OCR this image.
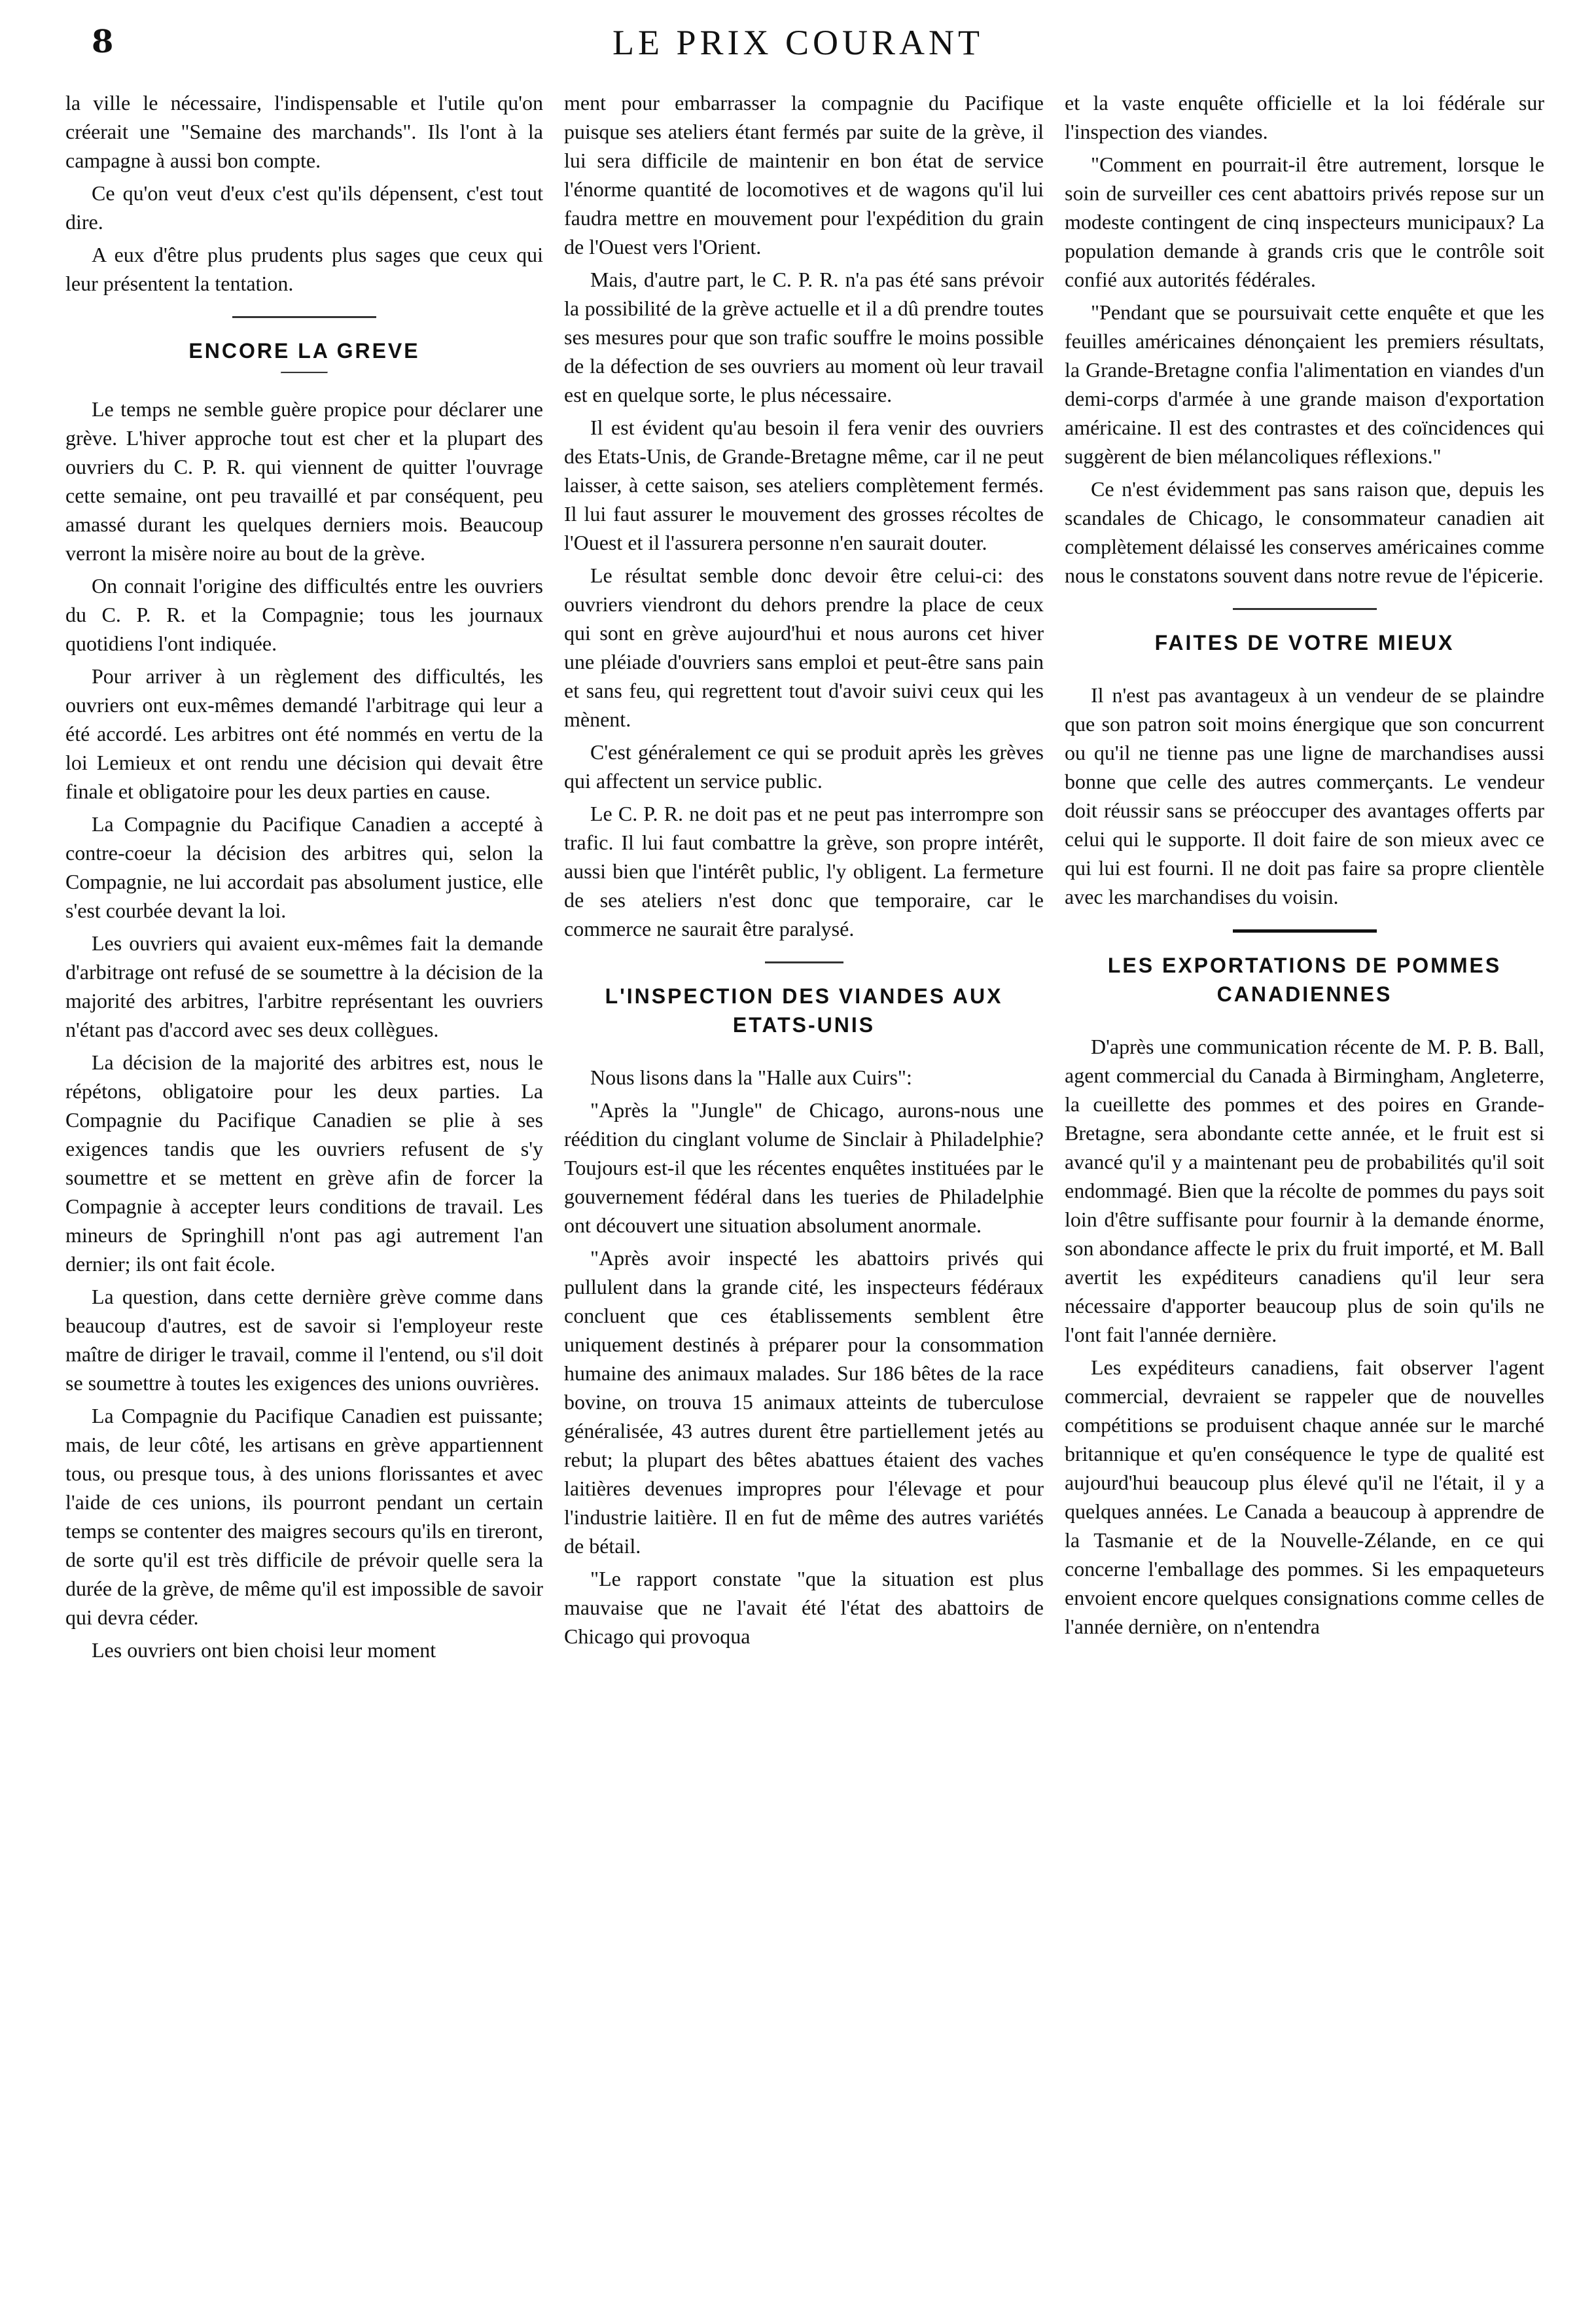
8	LE PRIX COURANT

la ville le nécessaire, l'indispensable et l'utile qu'on créerait une "Semaine des marchands". Ils l'ont à la campagne à aussi bon compte.

Ce qu'on veut d'eux c'est qu'ils dépensent, c'est tout dire.

A eux d'être plus prudents plus sages que ceux qui leur présentent la tentation.

ENCORE LA GREVE

Le temps ne semble guère propice pour déclarer une grève. L'hiver approche tout est cher et la plupart des ouvriers du C. P. R. qui viennent de quitter l'ouvrage cette semaine, ont peu travaillé et par conséquent, peu amassé durant les quelques derniers mois. Beaucoup verront la misère noire au bout de la grève.

On connait l'origine des difficultés entre les ouvriers du C. P. R. et la Compagnie; tous les journaux quotidiens l'ont indiquée.

Pour arriver à un règlement des difficultés, les ouvriers ont eux-mêmes demandé l'arbitrage qui leur a été accordé. Les arbitres ont été nommés en vertu de la loi Lemieux et ont rendu une décision qui devait être finale et obligatoire pour les deux parties en cause.

La Compagnie du Pacifique Canadien a accepté à contre-coeur la décision des arbitres qui, selon la Compagnie, ne lui accordait pas absolument justice, elle s'est courbée devant la loi.

Les ouvriers qui avaient eux-mêmes fait la demande d'arbitrage ont refusé de se soumettre à la décision de la majorité des arbitres, l'arbitre représentant les ouvriers n'étant pas d'accord avec ses deux collègues.

La décision de la majorité des arbitres est, nous le répétons, obligatoire pour les deux parties. La Compagnie du Pacifique Canadien se plie à ses exigences tandis que les ouvriers refusent de s'y soumettre et se mettent en grève afin de forcer la Compagnie à accepter leurs conditions de travail. Les mineurs de Springhill n'ont pas agi autrement l'an dernier; ils ont fait école.

La question, dans cette dernière grève comme dans beaucoup d'autres, est de savoir si l'employeur reste maître de diriger le travail, comme il l'entend, ou s'il doit se soumettre à toutes les exigences des unions ouvrières.

La Compagnie du Pacifique Canadien est puissante; mais, de leur côté, les artisans en grève appartiennent tous, ou presque tous, à des unions florissantes et avec l'aide de ces unions, ils pourront pendant un certain temps se contenter des maigres secours qu'ils en tireront, de sorte qu'il est très difficile de prévoir quelle sera la durée de la grève, de même qu'il est impossible de savoir qui devra céder.

Les ouvriers ont bien choisi leur moment

ment pour embarrasser la compagnie du Pacifique puisque ses ateliers étant fermés par suite de la grève, il lui sera difficile de maintenir en bon état de service l'énorme quantité de locomotives et de wagons qu'il lui faudra mettre en mouvement pour l'expédition du grain de l'Ouest vers l'Orient.

Mais, d'autre part, le C. P. R. n'a pas été sans prévoir la possibilité de la grève actuelle et il a dû prendre toutes ses mesures pour que son trafic souffre le moins possible de la défection de ses ouvriers au moment où leur travail est en quelque sorte, le plus nécessaire.

Il est évident qu'au besoin il fera venir des ouvriers des Etats-Unis, de Grande-Bretagne même, car il ne peut laisser, à cette saison, ses ateliers complètement fermés. Il lui faut assurer le mouvement des grosses récoltes de l'Ouest et il l'assurera personne n'en saurait douter.

Le résultat semble donc devoir être celui-ci: des ouvriers viendront du dehors prendre la place de ceux qui sont en grève aujourd'hui et nous aurons cet hiver une pléiade d'ouvriers sans emploi et peut-être sans pain et sans feu, qui regrettent tout d'avoir suivi ceux qui les mènent.

C'est généralement ce qui se produit après les grèves qui affectent un service public.

Le C. P. R. ne doit pas et ne peut pas interrompre son trafic. Il lui faut combattre la grève, son propre intérêt, aussi bien que l'intérêt public, l'y obligent. La fermeture de ses ateliers n'est donc que temporaire, car le commerce ne saurait être paralysé.

L'INSPECTION DES VIANDES AUX ETATS-UNIS

Nous lisons dans la "Halle aux Cuirs":

"Après la "Jungle" de Chicago, aurons-nous une réédition du cinglant volume de Sinclair à Philadelphie? Toujours est-il que les récentes enquêtes instituées par le gouvernement fédéral dans les tueries de Philadelphie ont découvert une situation absolument anormale.

"Après avoir inspecté les abattoirs privés qui pullulent dans la grande cité, les inspecteurs fédéraux concluent que ces établissements semblent être uniquement destinés à préparer pour la consommation humaine des animaux malades. Sur 186 bêtes de la race bovine, on trouva 15 animaux atteints de tuberculose généralisée, 43 autres durent être partiellement jetés au rebut; la plupart des bêtes abattues étaient des vaches laitières devenues impropres pour l'élevage et pour l'industrie laitière. Il en fut de même des autres variétés de bétail.

"Le rapport constate "que la situation est plus mauvaise que ne l'avait été l'état des abattoirs de Chicago qui provoqua

et la vaste enquête officielle et la loi fédérale sur l'inspection des viandes.

"Comment en pourrait-il être autrement, lorsque le soin de surveiller ces cent abattoirs privés repose sur un modeste contingent de cinq inspecteurs municipaux? La population demande à grands cris que le contrôle soit confié aux autorités fédérales.

"Pendant que se poursuivait cette enquête et que les feuilles américaines dénonçaient les premiers résultats, la Grande-Bretagne confia l'alimentation en viandes d'un demi-corps d'armée à une grande maison d'exportation américaine. Il est des contrastes et des coïncidences qui suggèrent de bien mélancoliques réflexions."

Ce n'est évidemment pas sans raison que, depuis les scandales de Chicago, le consommateur canadien ait complètement délaissé les conserves américaines comme nous le constatons souvent dans notre revue de l'épicerie.

FAITES DE VOTRE MIEUX

Il n'est pas avantageux à un vendeur de se plaindre que son patron soit moins énergique que son concurrent ou qu'il ne tienne pas une ligne de marchandises aussi bonne que celle des autres commerçants. Le vendeur doit réussir sans se préoccuper des avantages offerts par celui qui le supporte. Il doit faire de son mieux avec ce qui lui est fourni. Il ne doit pas faire sa propre clientèle avec les marchandises du voisin.

LES EXPORTATIONS DE POMMES CANADIENNES

D'après une communication récente de M. P. B. Ball, agent commercial du Canada à Birmingham, Angleterre, la cueillette des pommes et des poires en Grande-Bretagne, sera abondante cette année, et le fruit est si avancé qu'il y a maintenant peu de probabilités qu'il soit endommagé. Bien que la récolte de pommes du pays soit loin d'être suffisante pour fournir à la demande énorme, son abondance affecte le prix du fruit importé, et M. Ball avertit les expéditeurs canadiens qu'il leur sera nécessaire d'apporter beaucoup plus de soin qu'ils ne l'ont fait l'année dernière.

Les expéditeurs canadiens, fait observer l'agent commercial, devraient se rappeler que de nouvelles compétitions se produisent chaque année sur le marché britannique et qu'en conséquence le type de qualité est aujourd'hui beaucoup plus élevé qu'il ne l'était, il y a quelques années. Le Canada a beaucoup à apprendre de la Tasmanie et de la Nouvelle-Zélande, en ce qui concerne l'emballage des pommes. Si les empaqueteurs envoient encore quelques consignations comme celles de l'année dernière, on n'entendra
